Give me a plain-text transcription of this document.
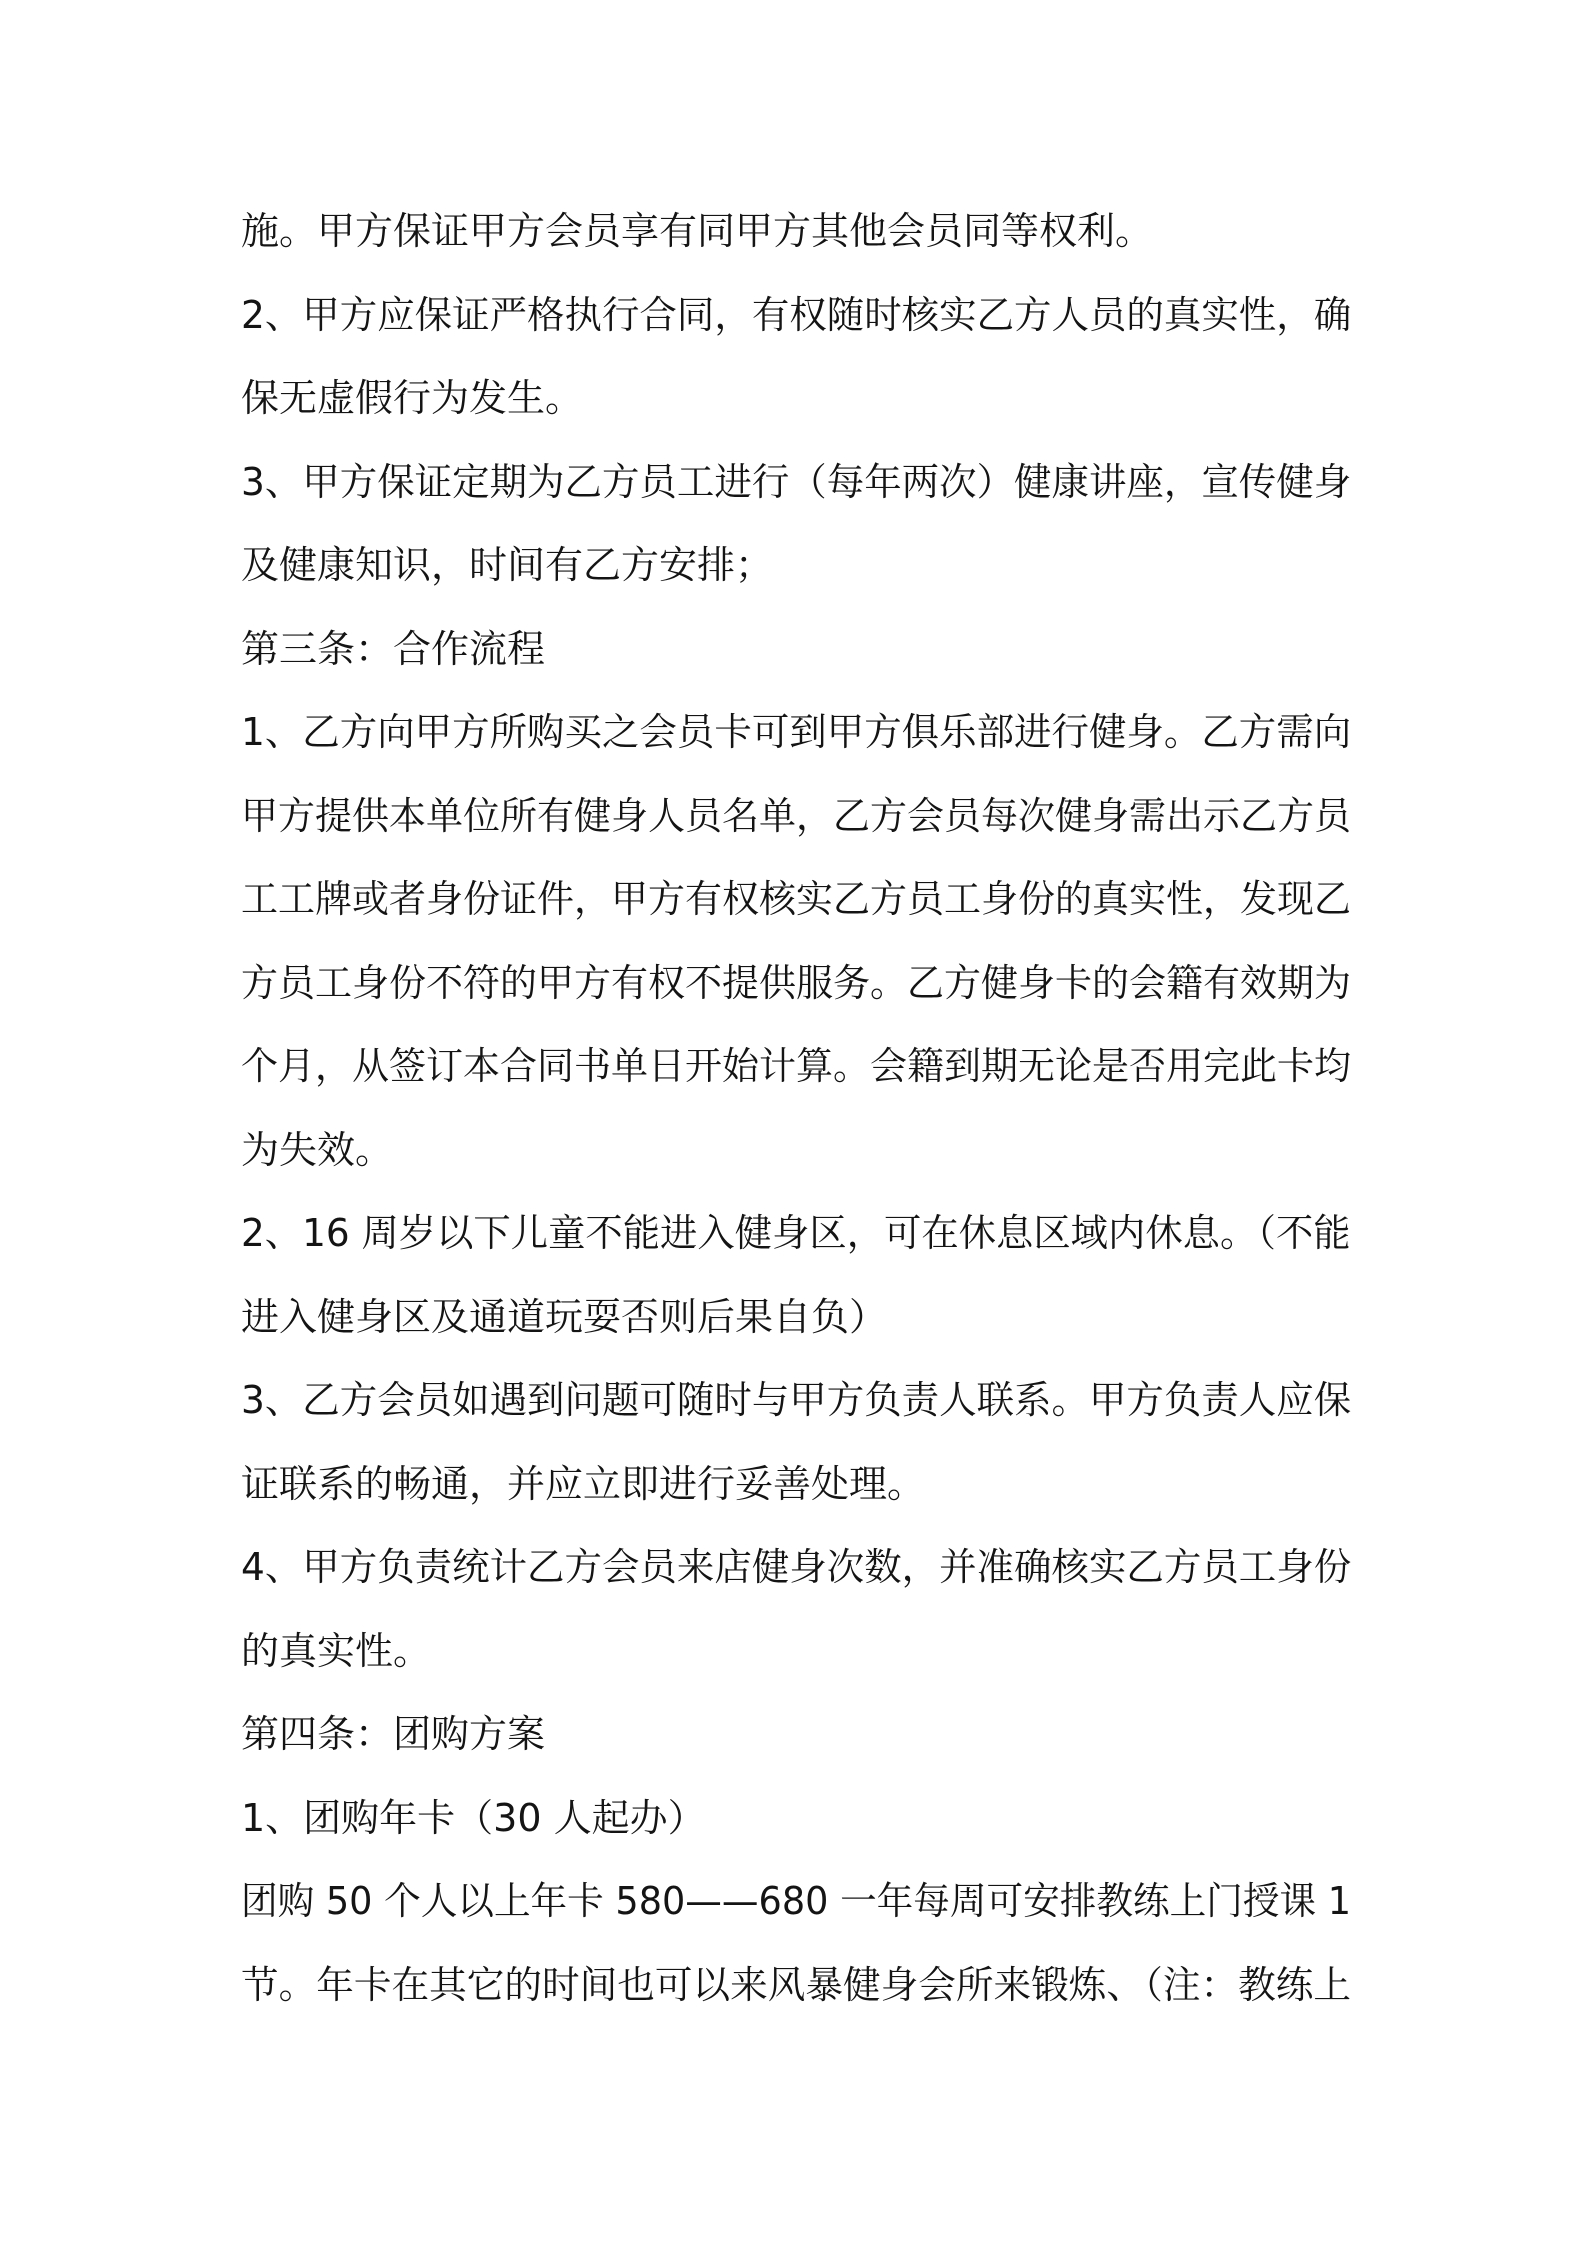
施。甲方保证甲方会员享有同甲方其他会员同等权利。
2、甲方应保证严格执行合同，有权随时核实乙方人员的真实性，确
保无虚假行为发生。
3、甲方保证定期为乙方员工进行（每年两次）健康讲座，宣传健身
及健康知识，时间有乙方安排；
第三条：合作流程
1、乙方向甲方所购买之会员卡可到甲方俱乐部进行健身。乙方需向
甲方提供本单位所有健身人员名单，乙方会员每次健身需出示乙方员
工工牌或者身份证件，甲方有权核实乙方员工身份的真实性，发现乙
方员工身份不符的甲方有权不提供服务。乙方健身卡的会籍有效期为
个月，从签订本合同书单日开始计算。会籍到期无论是否用完此卡均
为失效。
2、16 周岁以下儿童不能进入健身区，可在休息区域内休息。（不能
进入健身区及通道玩耍否则后果自负）
3、乙方会员如遇到问题可随时与甲方负责人联系。甲方负责人应保
证联系的畅通，并应立即进行妥善处理。
4、甲方负责统计乙方会员来店健身次数，并准确核实乙方员工身份
的真实性。
第四条：团购方案
1、团购年卡（30 人起办）
团购 50 个人以上年卡 580——680 一年每周可安排教练上门授课 1
节。年卡在其它的时间也可以来风暴健身会所来锻炼、（注：教练上
